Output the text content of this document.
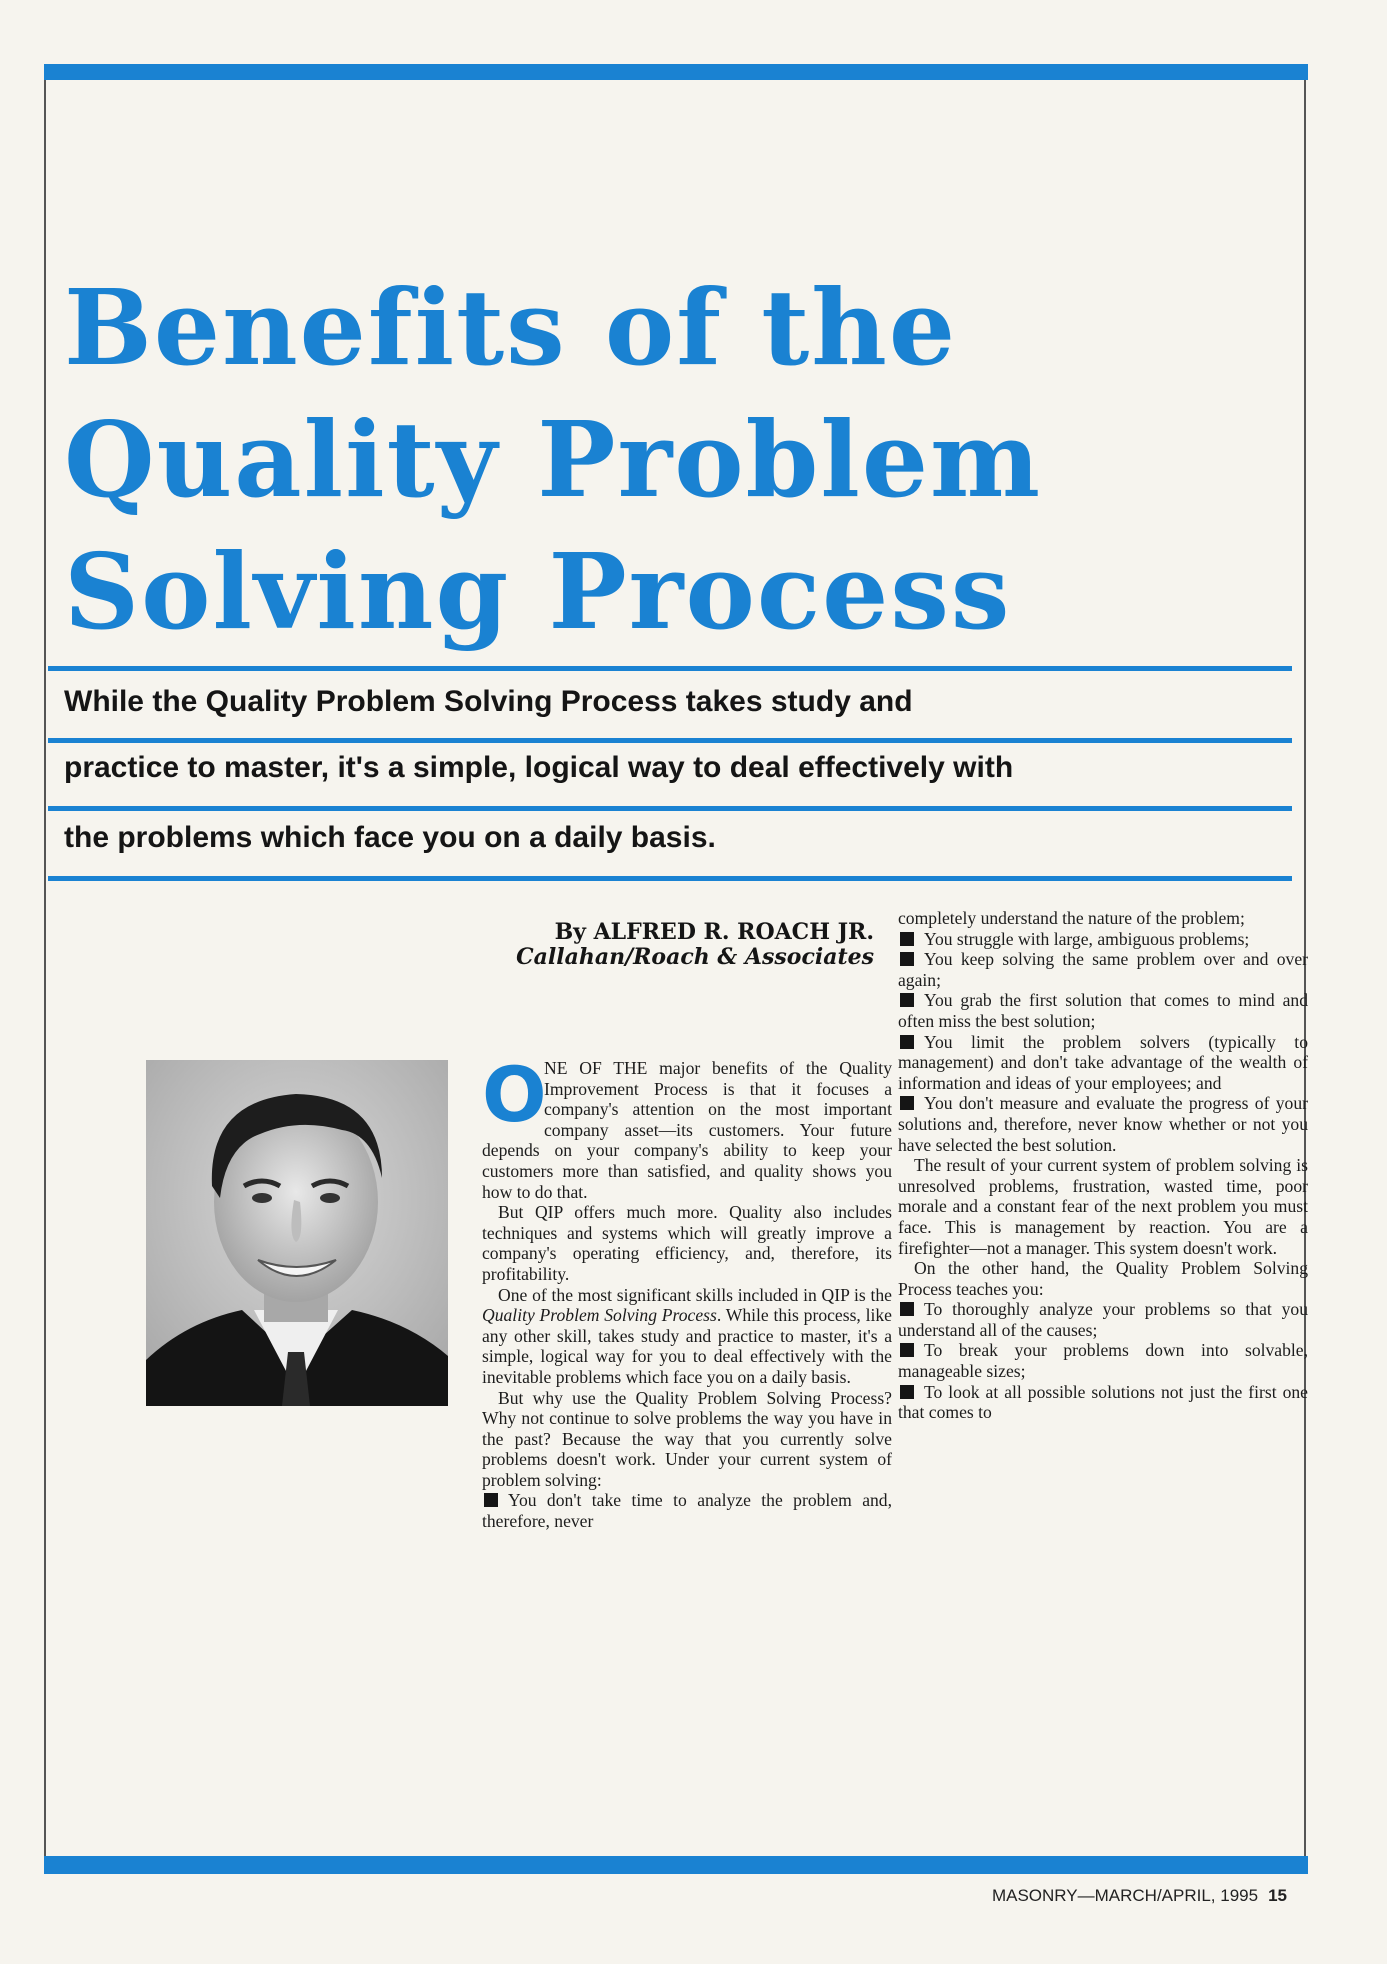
Benefits of the
Quality Problem
Solving Process

While the Quality Problem Solving Process takes study and

practice to master, it's a simple, logical way to deal effectively with

the problems which face you on a daily basis.

By ALFRED R. ROACH JR.
Callahan/Roach & Associates

O

NE OF THE major benefits of the Quality Improvement Process is that it focuses a company's attention on the most important company asset—its customers. Your future depends on your company's ability to keep your customers more than satisfied, and quality shows you how to do that.

But QIP offers much more. Quality also includes techniques and systems which will greatly improve a company's operating efficiency, and, therefore, its profitability.

One of the most significant skills included in QIP is the Quality Problem Solving Process. While this process, like any other skill, takes study and practice to master, it's a simple, logical way for you to deal effectively with the inevitable problems which face you on a daily basis.

But why use the Quality Problem Solving Process? Why not continue to solve problems the way you have in the past? Because the way that you currently solve problems doesn't work. Under your current system of problem solving:

You don't take time to analyze the problem and, therefore, never

completely understand the nature of the problem;

You struggle with large, ambiguous problems;

You keep solving the same problem over and over again;

You grab the first solution that comes to mind and often miss the best solution;

You limit the problem solvers (typically to management) and don't take advantage of the wealth of information and ideas of your employees; and

You don't measure and evaluate the progress of your solutions and, therefore, never know whether or not you have selected the best solution.

The result of your current system of problem solving is unresolved problems, frustration, wasted time, poor morale and a constant fear of the next problem you must face. This is management by reaction. You are a firefighter—not a manager. This system doesn't work.

On the other hand, the Quality Problem Solving Process teaches you:

To thoroughly analyze your problems so that you understand all of the causes;

To break your problems down into solvable, manageable sizes;

To look at all possible solutions not just the first one that comes to

MASONRY—MARCH/APRIL, 1995 15
